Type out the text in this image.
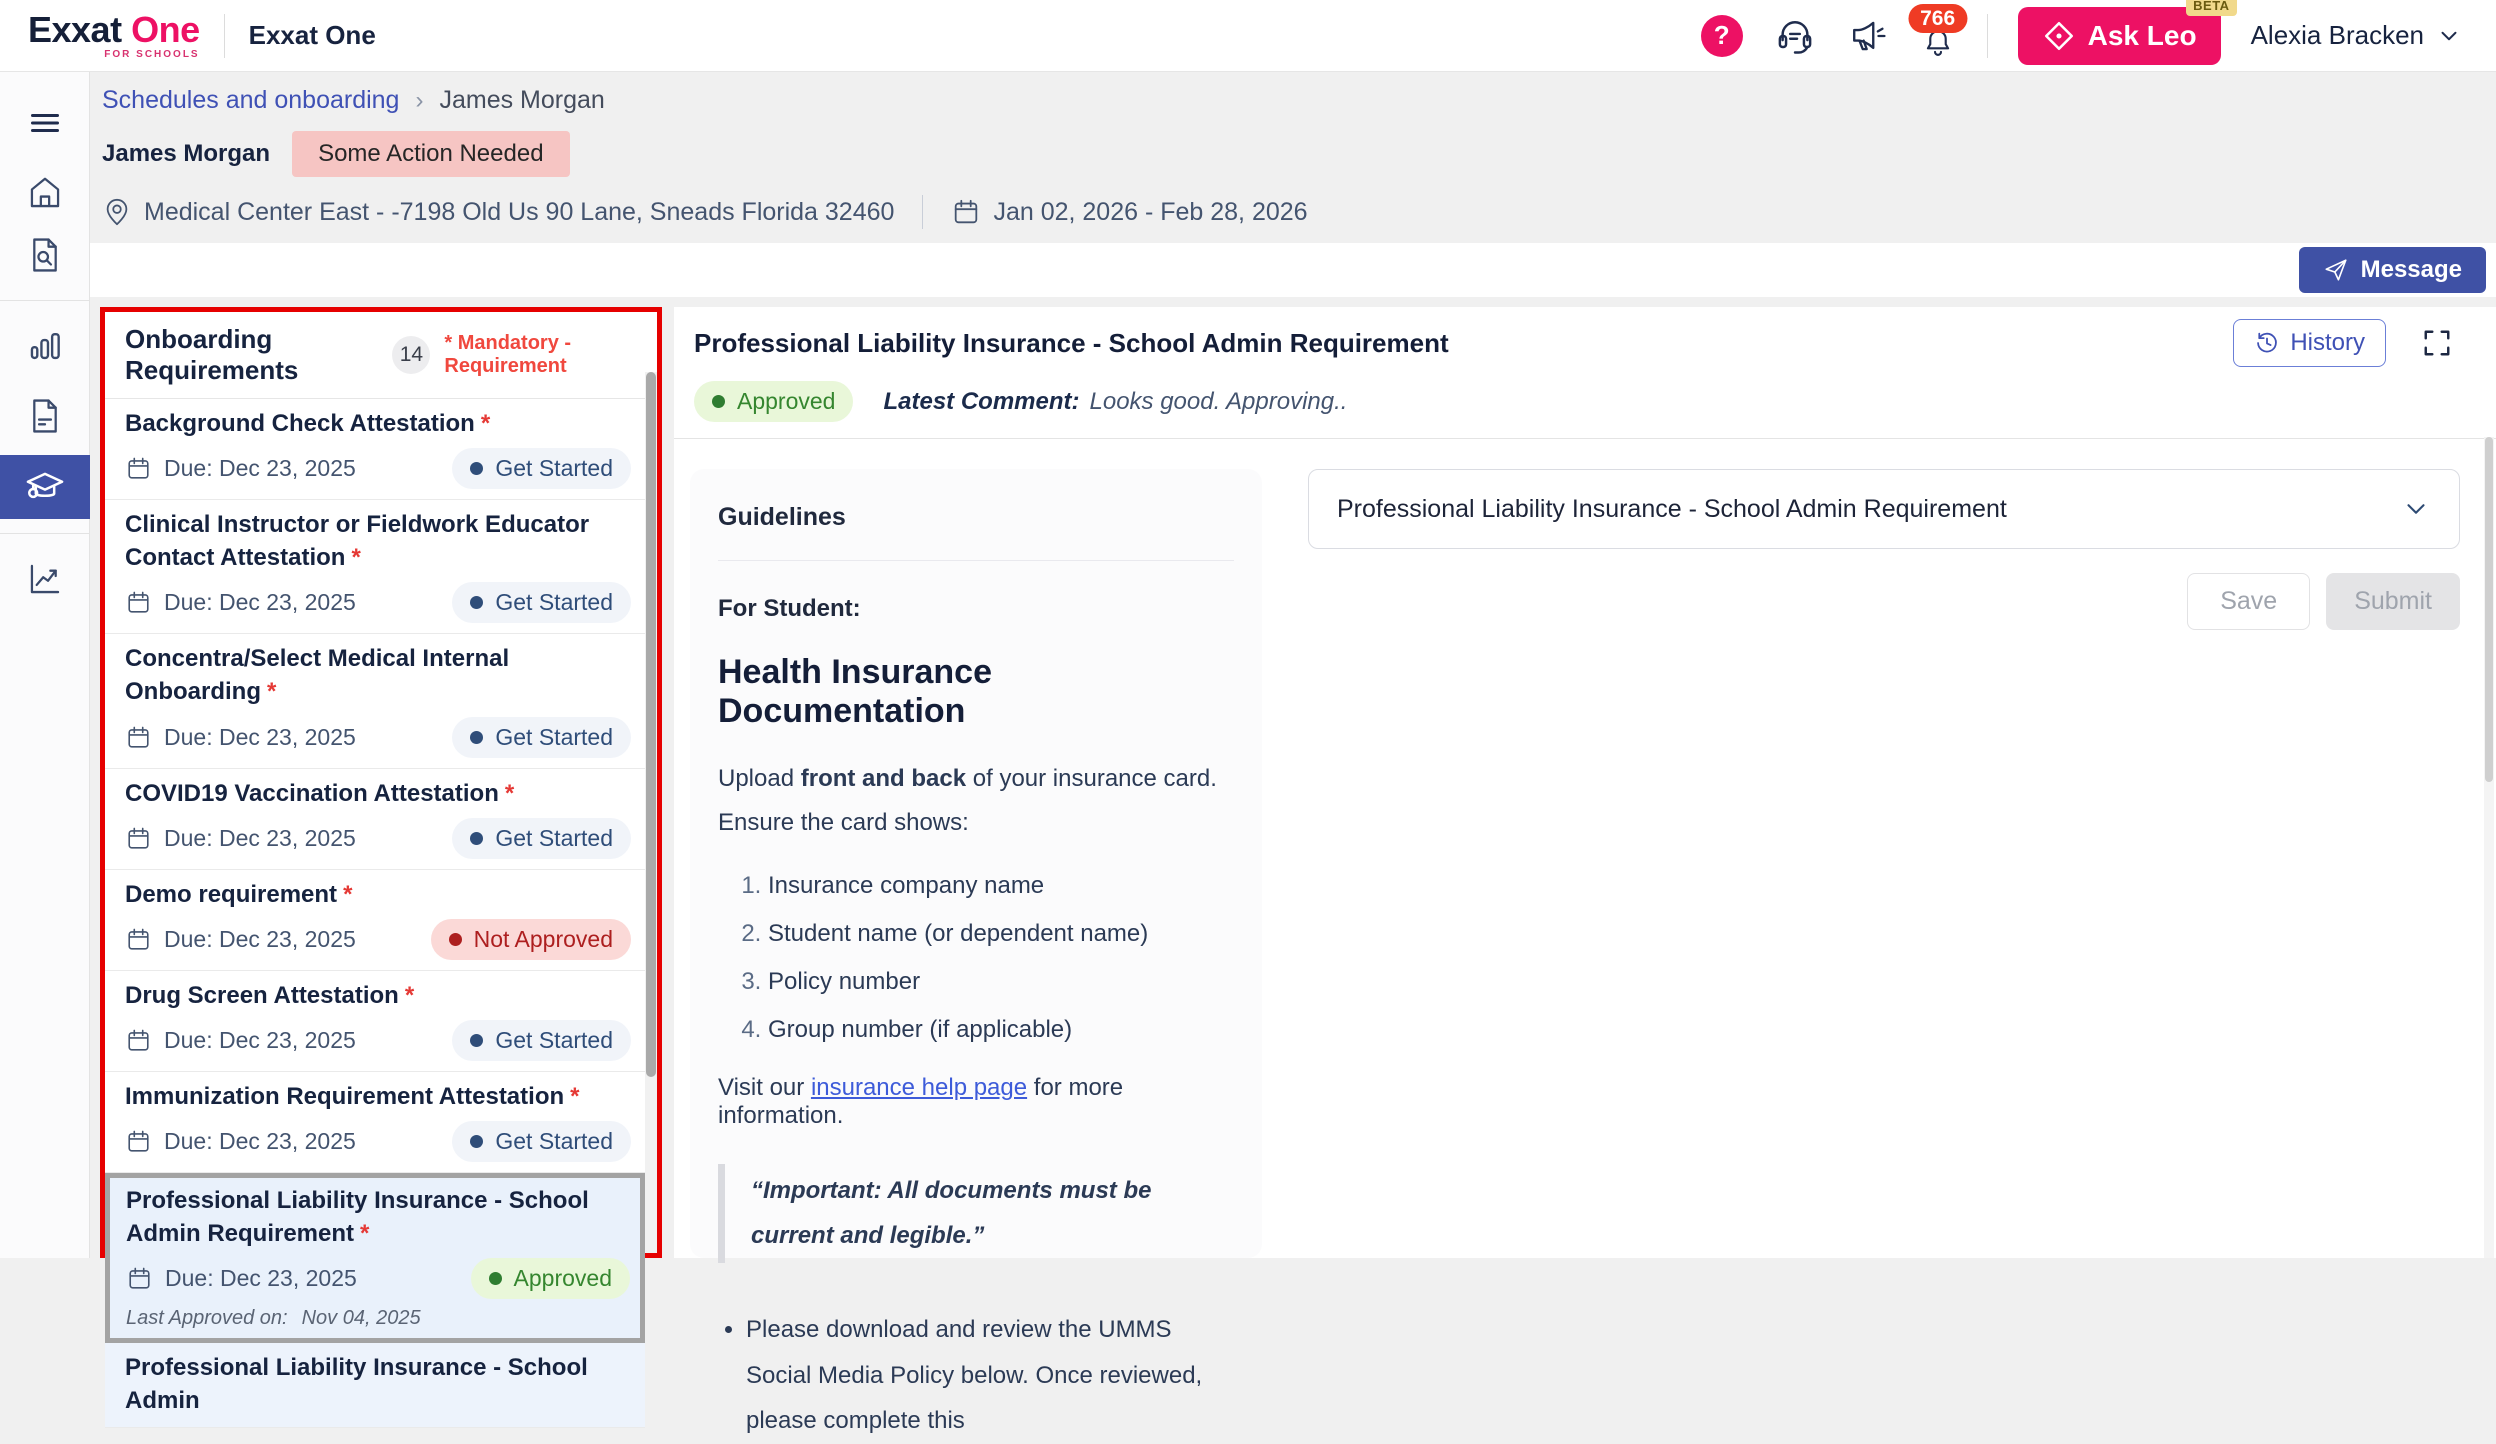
Exxat One
FOR SCHOOLS
Exxat One	?
766
Ask Leo
BETA
Alexia Bracken
Schedules and onboarding › James Morgan
James Morgan	Some Action Needed
Medical Center East - -7198 Old Us 90 Lane, Sneads Florida 32460	Jan 02, 2026 - Feb 28, 2026
Message
Onboarding Requirements
14	* Mandatory - Requirement
Background Check Attestation *
Due: Dec 23, 2025	Get Started
Clinical Instructor or Fieldwork Educator Contact Attestation *
Due: Dec 23, 2025	Get Started
Concentra/Select Medical Internal Onboarding *
Due: Dec 23, 2025	Get Started
COVID19 Vaccination Attestation *
Due: Dec 23, 2025	Get Started
Demo requirement *
Due: Dec 23, 2025	Not Approved
Drug Screen Attestation *
Due: Dec 23, 2025	Get Started
Immunization Requirement Attestation *
Due: Dec 23, 2025	Get Started
Professional Liability Insurance - School Admin Requirement *
Due: Dec 23, 2025	Approved
Last Approved on: Nov 04, 2025
Professional Liability Insurance - School Admin
Professional Liability Insurance - School Admin Requirement	History
Approved Latest Comment: Looks good. Approving..
Guidelines
For Student:
Health Insurance Documentation

Upload front and back of your insurance card. Ensure the card shows:

1. Insurance company name
2. Student name (or dependent name)
3. Policy number
4. Group number (if applicable)

Visit our insurance help page for more information.

“Important: All documents must be current and legible.”
• Please download and review the UMMS Social Media Policy below. Once reviewed, please complete this
Professional Liability Insurance - School Admin Requirement
Save	Submit
